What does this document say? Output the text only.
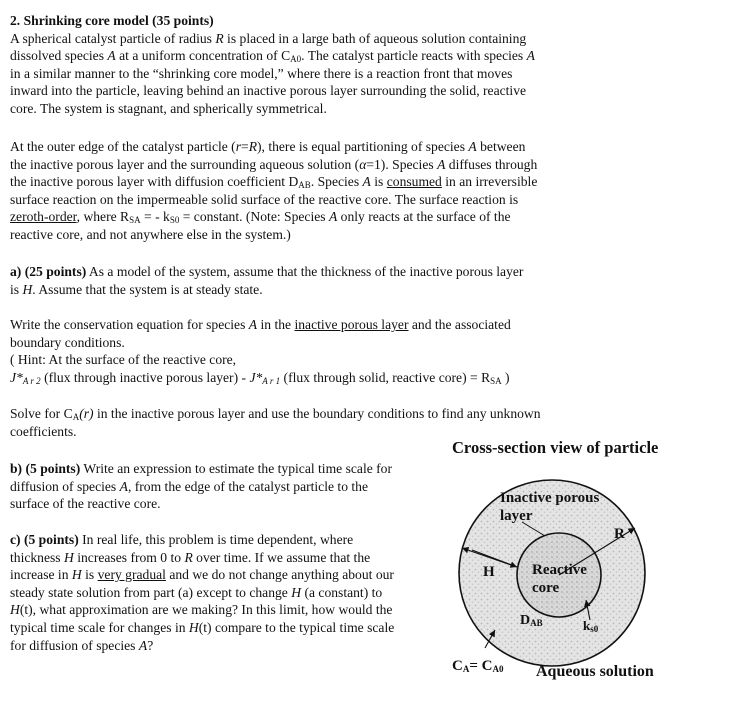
2. Shrinking core model (35 points)
A spherical catalyst particle of radius R is placed in a large bath of aqueous solution containing
dissolved species A at a uniform concentration of $C_{A0}$. The catalyst particle reacts with species A
in a similar manner to the “shrinking core model,” where there is a reaction front that moves
inward into the particle, leaving behind an inactive porous layer surrounding the solid, reactive
core. The system is stagnant, and spherically symmetrical.
At the outer edge of the catalyst particle (r=R), there is equal partitioning of species A between
the inactive porous layer and the surrounding aqueous solution (α=1). Species A diffuses through
the inactive porous layer with diffusion coefficient $D_{AB}$. Species A is consumed in an irreversible
surface reaction on the impermeable solid surface of the reactive core. The surface reaction is
zeroth-order, where $R_{SA}$ = - $k_{S0}$ = constant. (Note: Species A only reacts at the surface of the
reactive core, and not anywhere else in the system.)
a) (25 points) As a model of the system, assume that the thickness of the inactive porous layer
is H. Assume that the system is at steady state.
Write the conservation equation for species A in the inactive porous layer and the associated
boundary conditions.
( Hint: At the surface of the reactive core,
$J*_{A r 2}$ (flux through inactive porous layer) - $J*_{A r 1}$ (flux through solid, reactive core) = $R_{SA}$ )
Solve for $C_A(r)$ in the inactive porous layer and use the boundary conditions to find any unknown
coefficients.
b) (5 points) Write an expression to estimate the typical time scale for
diffusion of species A, from the edge of the catalyst particle to the
surface of the reactive core.
c) (5 points) In real life, this problem is time dependent, where
thickness H increases from 0 to R over time. If we assume that the
increase in H is very gradual and we do not change anything about our
steady state solution from part (a) except to change H (a constant) to
H(t), what approximation are we making? In this limit, how would the
typical time scale for changes in H(t) compare to the typical time scale
for diffusion of species A?
Cross-section view of particle
Inactive porous
layer
R
H Reactive
core
DAB	ks0
CA= CA0 Aqueous solution
